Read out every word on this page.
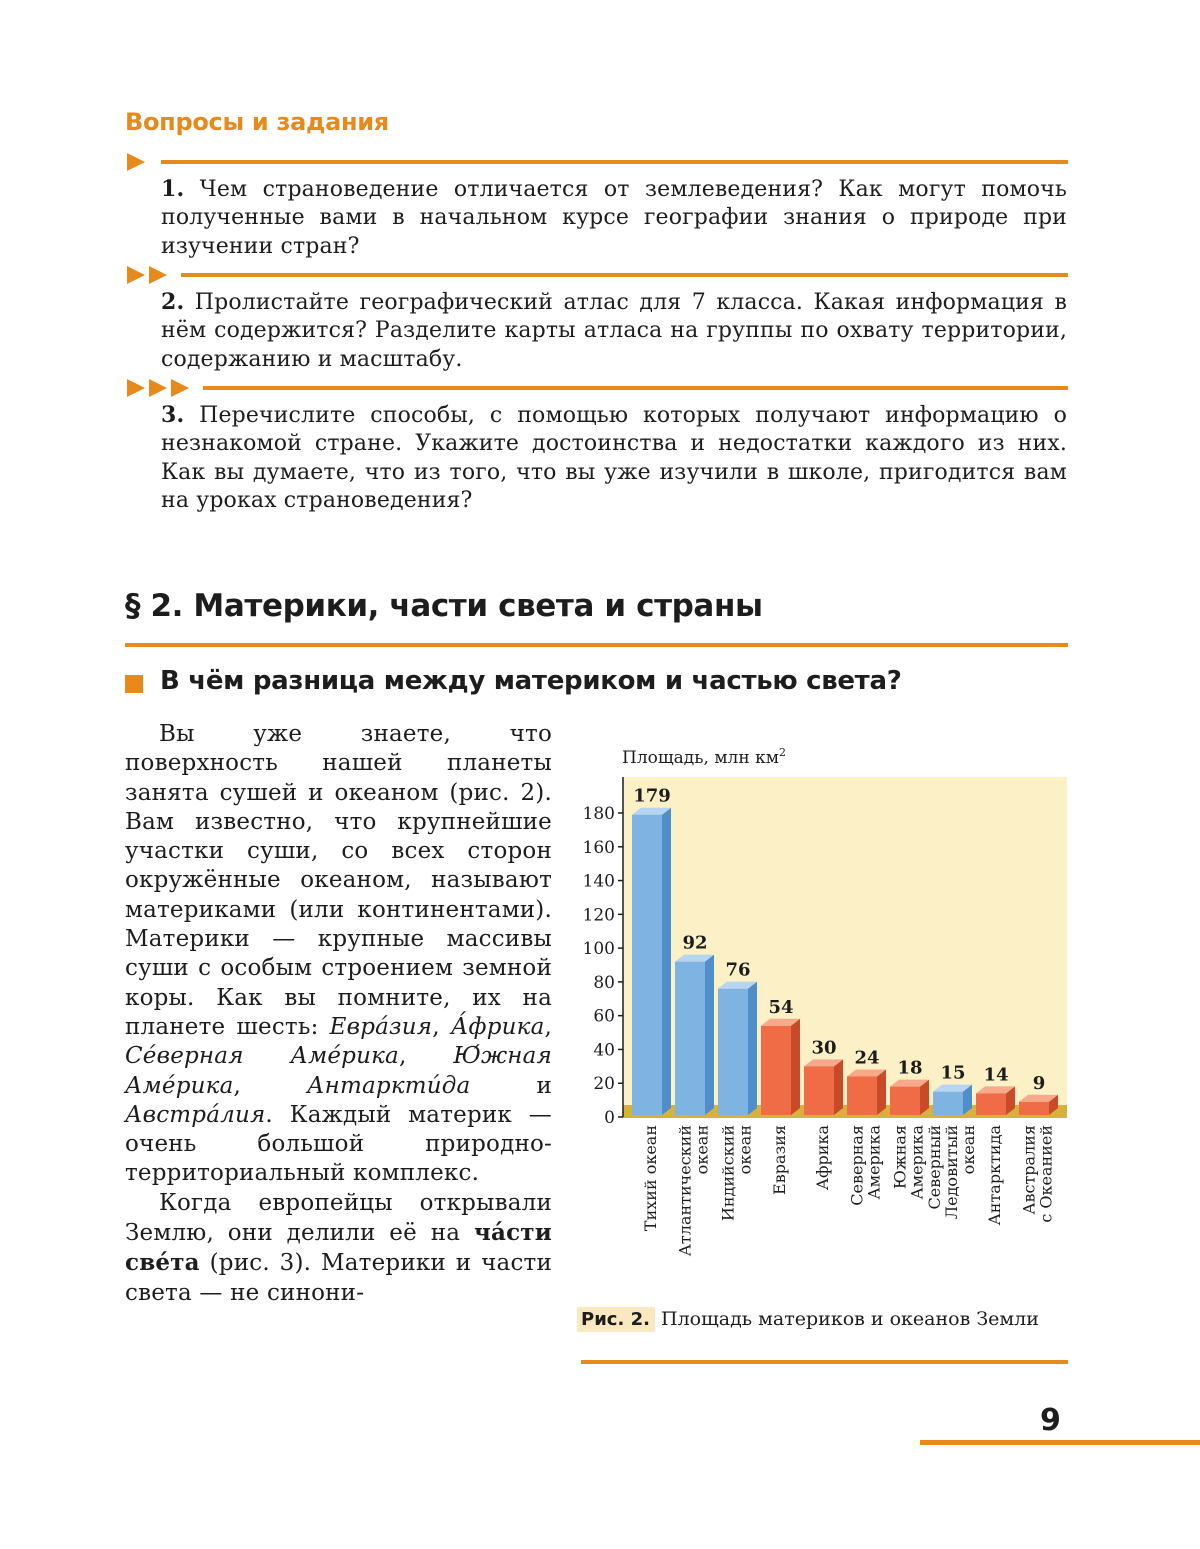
Вопросы и задания

1. Чем страноведение отличается от землеведения? Как могут помочь полученные вами в начальном курсе географии знания о природе при изучении стран?

2. Пролистайте географический атлас для 7 класса. Какая информация в нём содержится? Разделите карты атласа на группы по охвату территории, содержанию и масштабу.

3. Перечислите способы, с помощью которых получают информацию о незнакомой стране. Укажите достоинства и недостатки каждого из них. Как вы думаете, что из того, что вы уже изучили в школе, пригодится вам на уроках страноведения?

§ 2. Материки, части света и страны
В чём разница между материком и частью света?

Вы уже знаете, что поверхность нашей планеты занята сушей и океаном (рис. 2). Вам известно, что крупнейшие участки суши, со всех сторон окружённые океаном, называют материками (или континентами). Материки — крупные массивы суши с особым строением земной коры. Как вы помните, их на планете шесть: Евра́зия, А́фрика, Се́верная Аме́рика, Ю́жная Аме́рика, Антаркти́да и Австра́лия. Каждый материк — очень большой природно-территориальный комплекс.

Когда европейцы открывали Землю, они делили её на ча́сти све́та (рис. 3). Материки и части света — не синони-

Площадь, млн $км^2$
0
20
40
60
80
100
120
140
160
180
179
Тихий океан
92
Атлантическийокеан
76
Индийскийокеан
54
Евразия
30
Африка
24
СевернаяАмерика
18
ЮжнаяАмерика
15
СеверныйЛедовитыйокеан
14
Антарктида
9
Австралияс Океанией
Рис. 2. Площадь материков и океанов Земли

9
